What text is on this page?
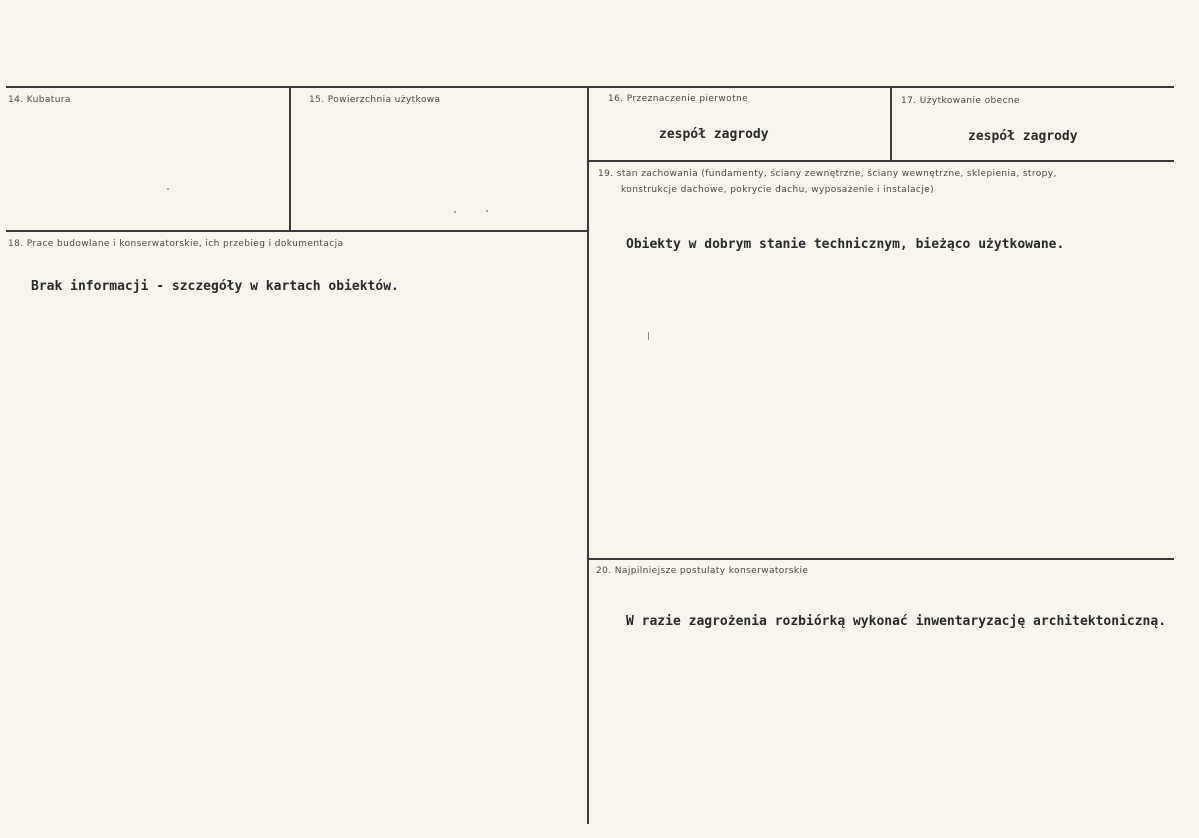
14. Kubatura	15. Powierzchnia użytkowa	16. Przeznaczenie pierwotne
zespół zagrody
17. Użytkowanie obecne
zespół zagrody
18. Prace budowlane i konserwatorskie, ich przebieg i dokumentacja
Brak informacji - szczegóły w kartach obiektów.
19. stan zachowania (fundamenty, ściany zewnętrzne, ściany wewnętrzne, sklepienia, stropy,
konstrukcje dachowe, pokrycie dachu, wyposażenie i instalacje)
Obiekty w dobrym stanie technicznym, bieżąco użytkowane.
20. Najpilniejsze postulaty konserwatorskie
W razie zagrożenia rozbiórką wykonać inwentaryzację architektoniczną.
